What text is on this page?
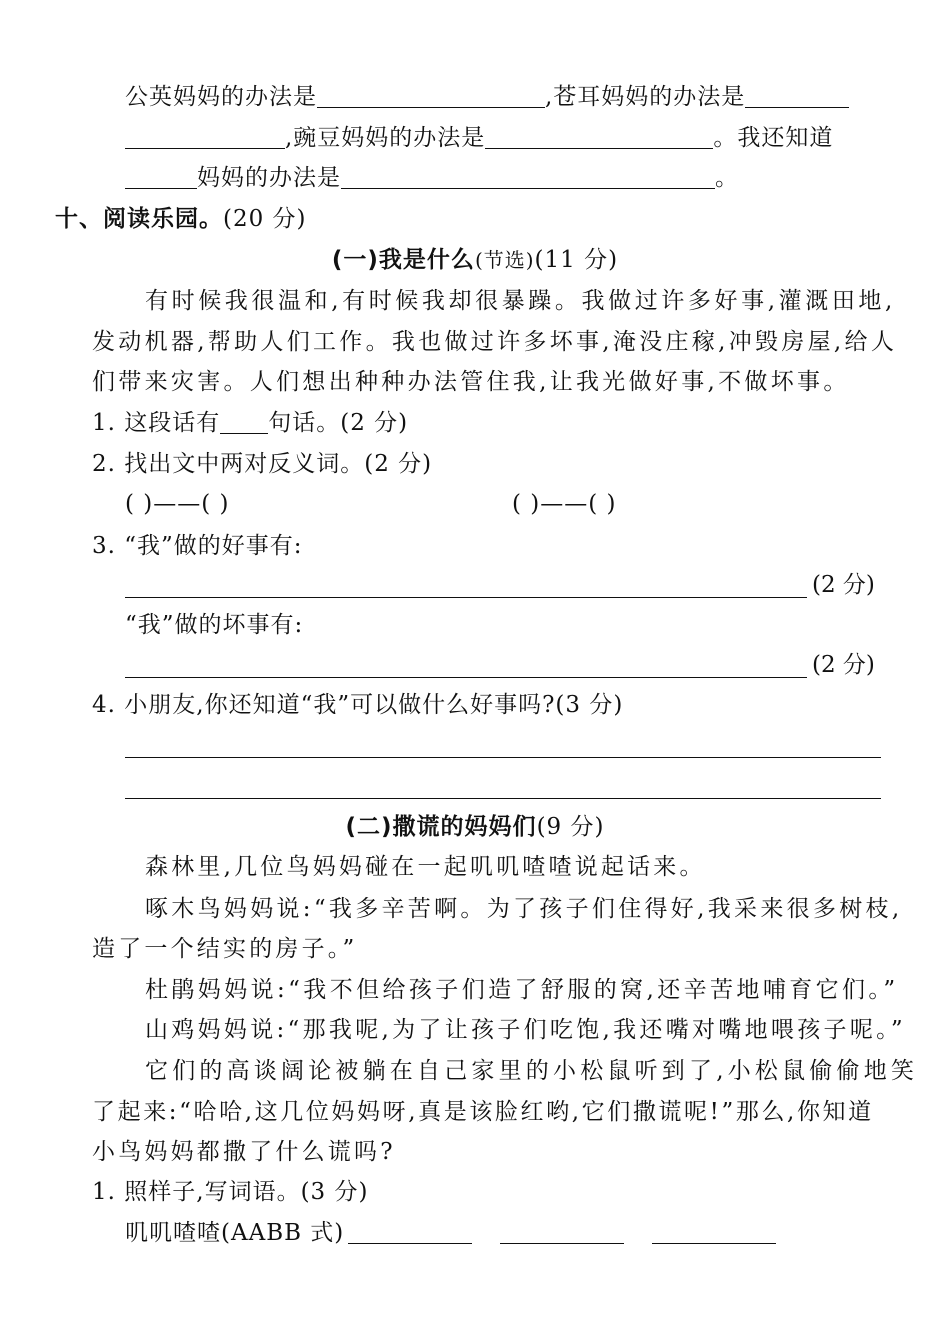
公英妈妈的办法是	,苍耳妈妈的办法是
,豌豆妈妈的办法是	。我还知道
妈妈的办法是	。
十、阅读乐园。(20 分)
(一)我是什么(节选)(11 分)
有时候我很温和,有时候我却很暴躁。我做过许多好事,灌溉田地,
发动机器,帮助人们工作。我也做过许多坏事,淹没庄稼,冲毁房屋,给人
们带来灾害。人们想出种种办法管住我,让我光做好事,不做坏事。
1. 这段话有 句话。(2 分)
2. 找出文中两对反义词。(2 分)
( )——( )	( )——( )
3. “我”做的好事有:
(2 分)
“我”做的坏事有:
(2 分)
4. 小朋友,你还知道“我”可以做什么好事吗?(3 分)
(二)撒谎的妈妈们(9 分)
森林里,几位鸟妈妈碰在一起叽叽喳喳说起话来。
啄木鸟妈妈说:“我多辛苦啊。为了孩子们住得好,我采来很多树枝,
造了一个结实的房子。”
杜鹃妈妈说:“我不但给孩子们造了舒服的窝,还辛苦地哺育它们。”
山鸡妈妈说:“那我呢,为了让孩子们吃饱,我还嘴对嘴地喂孩子呢。”
它们的高谈阔论被躺在自己家里的小松鼠听到了,小松鼠偷偷地笑
了起来:“哈哈,这几位妈妈呀,真是该脸红哟,它们撒谎呢!”那么,你知道
小鸟妈妈都撒了什么谎吗?
1. 照样子,写词语。(3 分)
叽叽喳喳(AABB 式)
